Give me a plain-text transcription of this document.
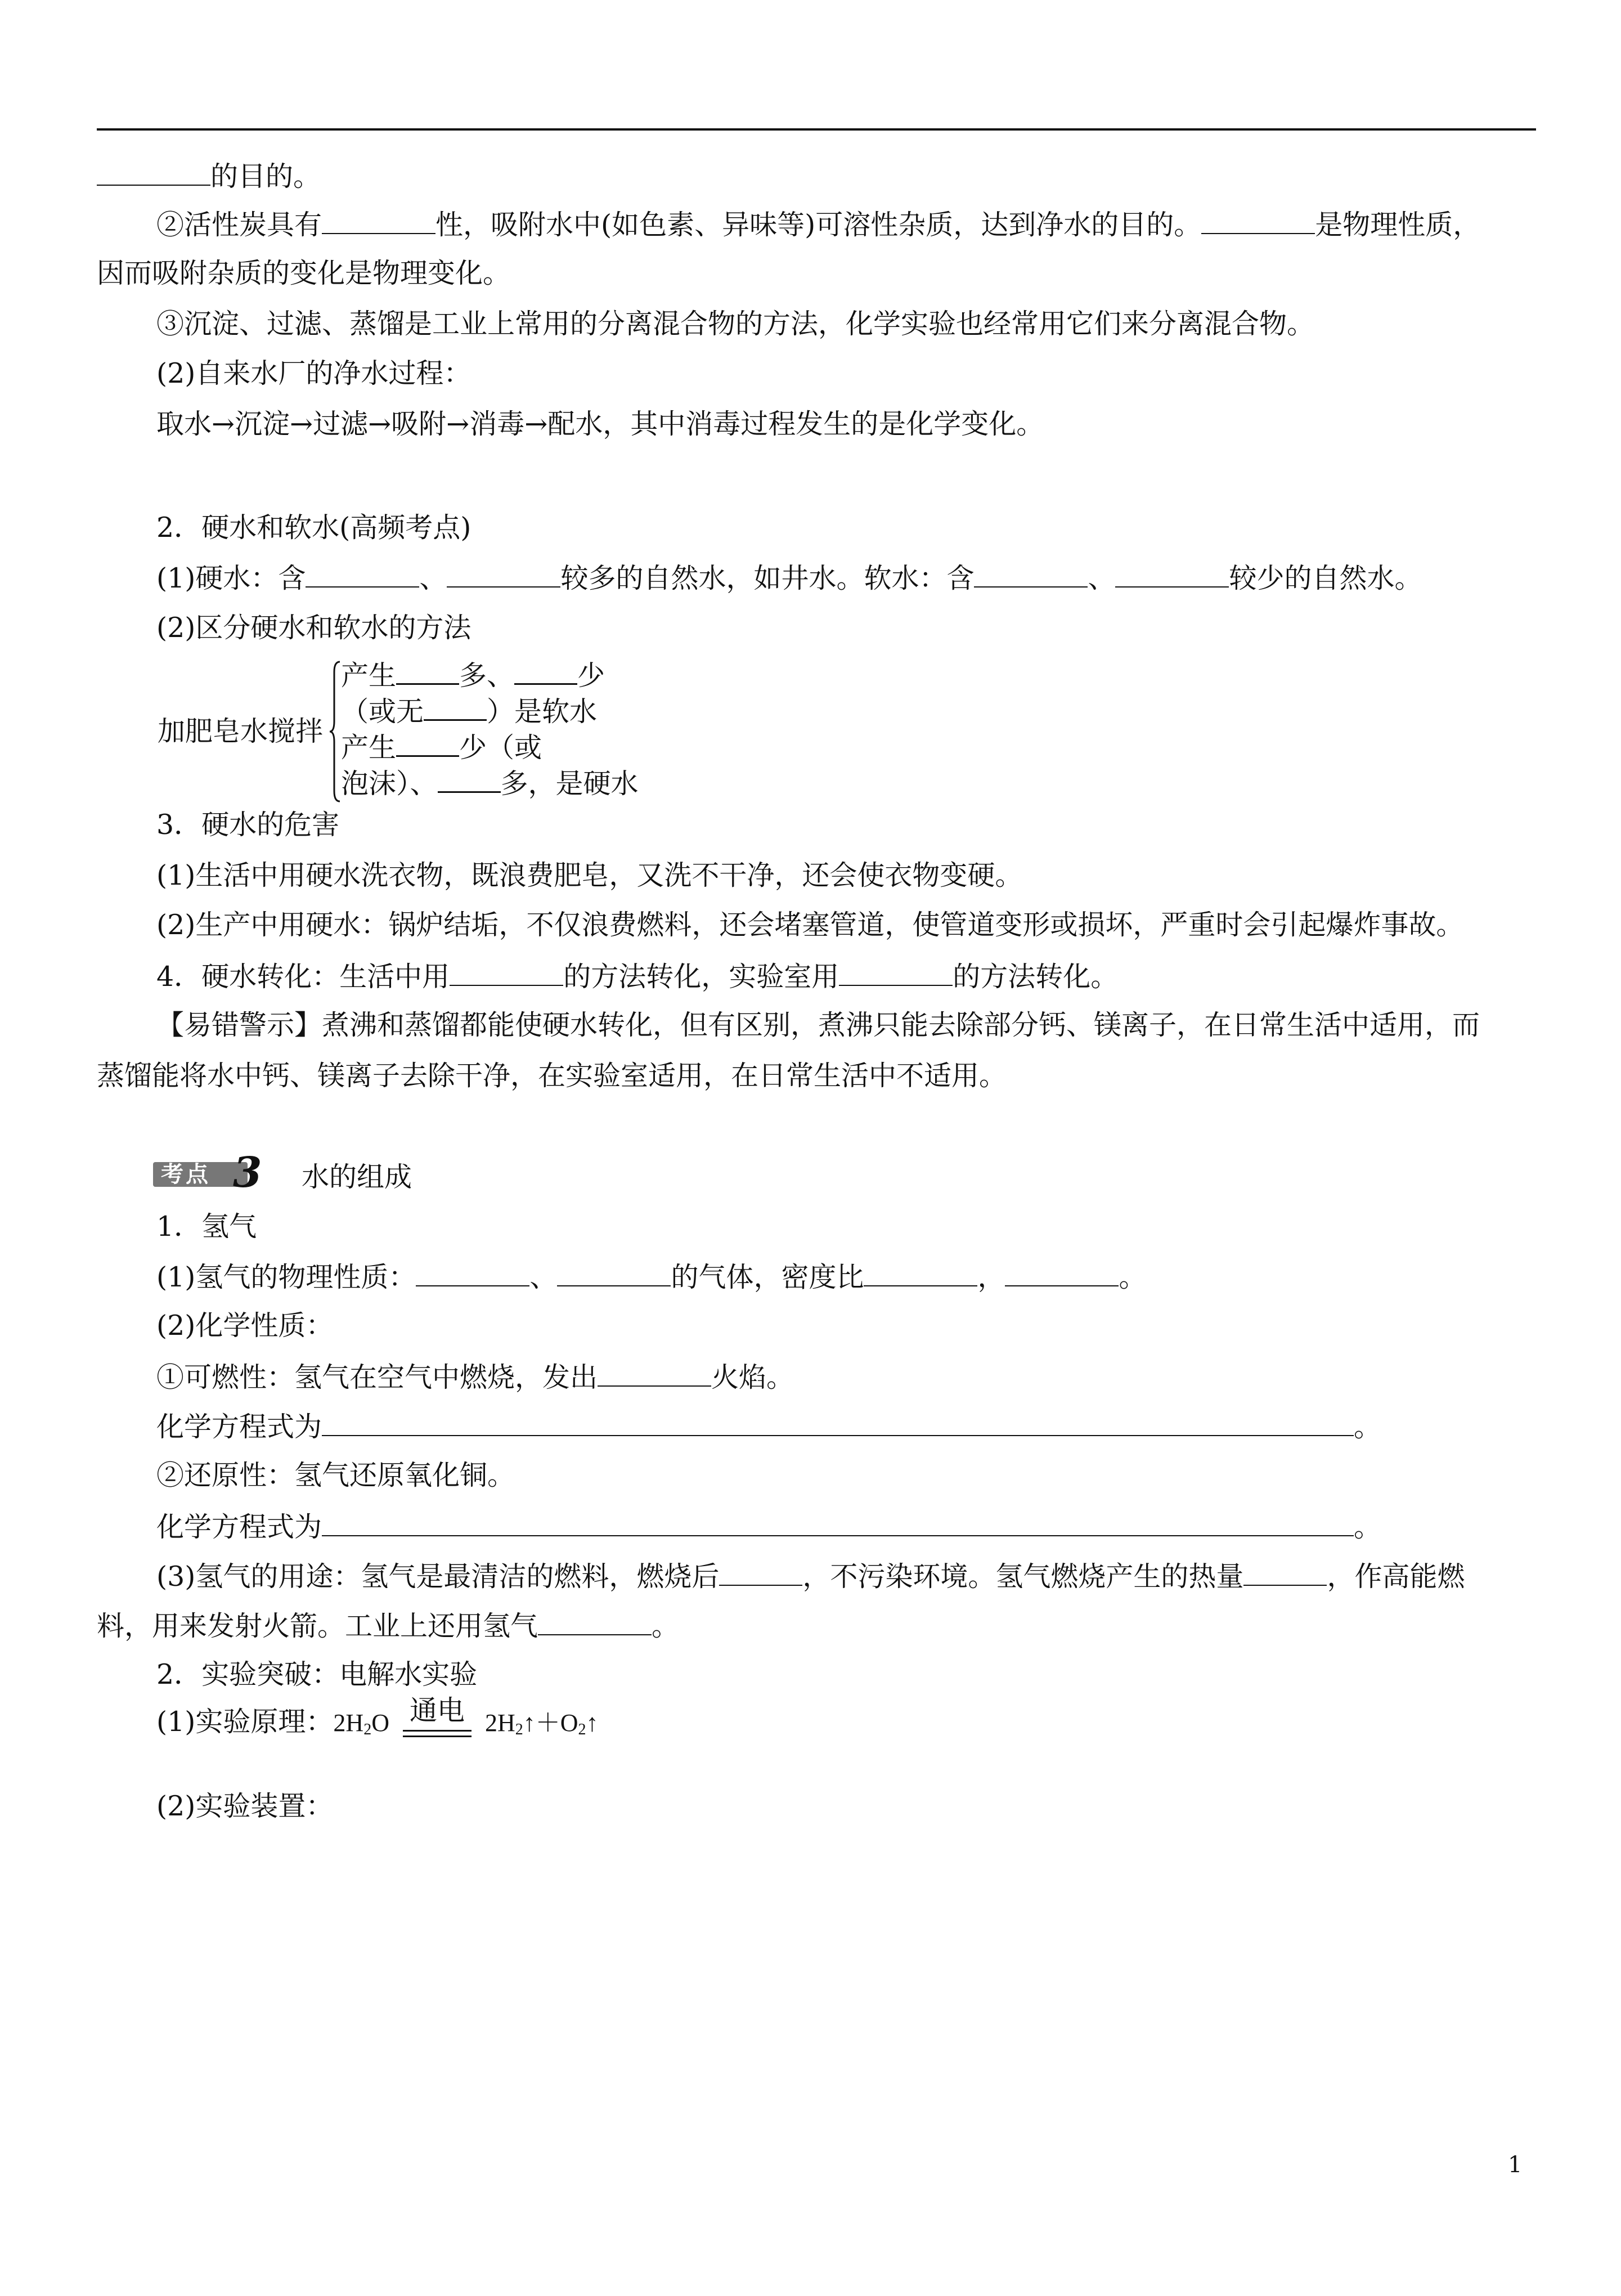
的目的。
②活性炭具有	性，吸附水中(如色素、异味等)可溶性杂质，达到净水的目的。	是物理性质，
因而吸附杂质的变化是物理变化。
③沉淀、过滤、蒸馏是工业上常用的分离混合物的方法，化学实验也经常用它们来分离混合物。
(2)自来水厂的净水过程：
取水→沉淀→过滤→吸附→消毒→配水，其中消毒过程发生的是化学变化。
2．硬水和软水(高频考点)
(1)硬水：含	、	较多的自然水，如井水。软水：含	、	较少的自然水。
(2)区分硬水和软水的方法
加肥皂水搅拌
产生 多、 少
（或无 ）是软水
产生 少（或
泡沫）、 多，是硬水
3．硬水的危害
(1)生活中用硬水洗衣物，既浪费肥皂，又洗不干净，还会使衣物变硬。
(2)生产中用硬水：锅炉结垢，不仅浪费燃料，还会堵塞管道，使管道变形或损坏，严重时会引起爆炸事故。
4．硬水转化：生活中用	的方法转化，实验室用	的方法转化。
【易错警示】煮沸和蒸馏都能使硬水转化，但有区别，煮沸只能去除部分钙、镁离子，在日常生活中适用，而
蒸馏能将水中钙、镁离子去除干净，在实验室适用，在日常生活中不适用。
考点 3 水的组成
1．氢气
(1)氢气的物理性质：	、	的气体，密度比	，	。
(2)化学性质：
①可燃性：氢气在空气中燃烧，发出	火焰。
化学方程式为	。
②还原性：氢气还原氧化铜。
化学方程式为	。
(3)氢气的用途：氢气是最清洁的燃料，燃烧后	，不污染环境。氢气燃烧产生的热量	，作高能燃
料，用来发射火箭。工业上还用氢气	。
2．实验突破：电解水实验
(1)实验原理：$2H_2O$ 通电 $2H_2↑+O_2↑$
(2)实验装置：
1
